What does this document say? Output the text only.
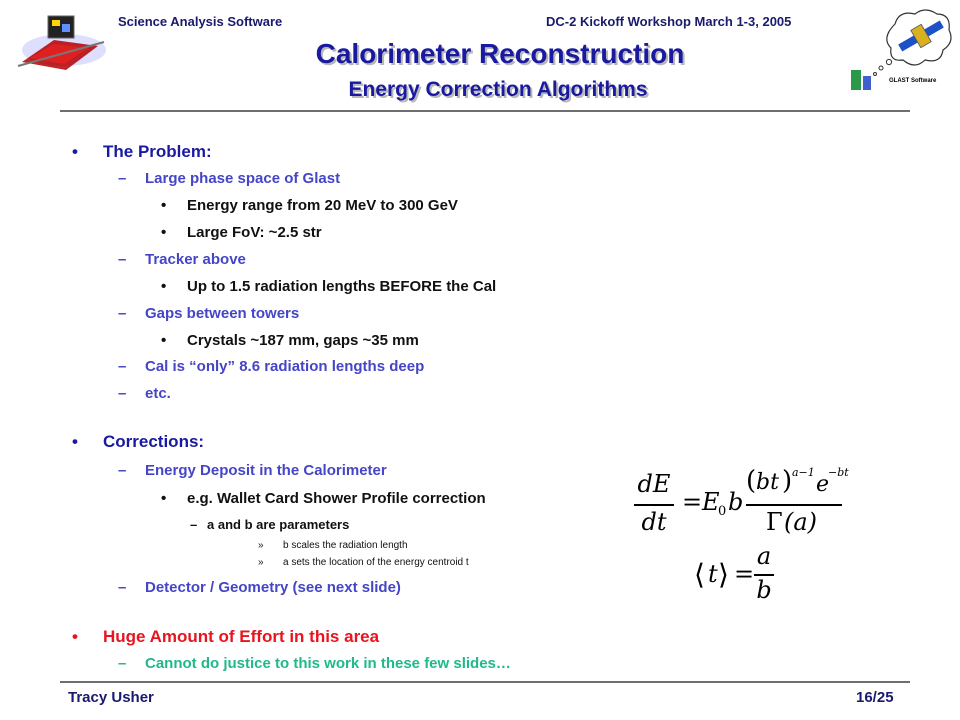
Science Analysis Software	DC-2 Kickoff Workshop March 1-3, 2005
GLAST Software
Calorimeter Reconstruction
Energy Correction Algorithms
• The Problem:
– Large phase space of Glast
• Energy range from 20 MeV to 300 GeV
• Large FoV: ~2.5 str
– Tracker above
• Up to 1.5 radiation lengths BEFORE the Cal
– Gaps between towers
• Crystals ~187 mm, gaps ~35 mm
– Cal is “only” 8.6 radiation lengths deep
– etc.
• Corrections:
– Energy Deposit in the Calorimeter
• e.g. Wallet Card Shower Profile correction
– a and b are parameters
» b scales the radiation length
» a sets the location of the energy centroid t
– Detector / Geometry (see next slide)
• Huge Amount of Effort in this area
– Cannot do justice to this work in these few slides…
dE
dt
= E
0 b
( bt ) a−1 e
−bt
Γ (a)
⟨ t ⟩ =
a
b
Tracy Usher	16/25
